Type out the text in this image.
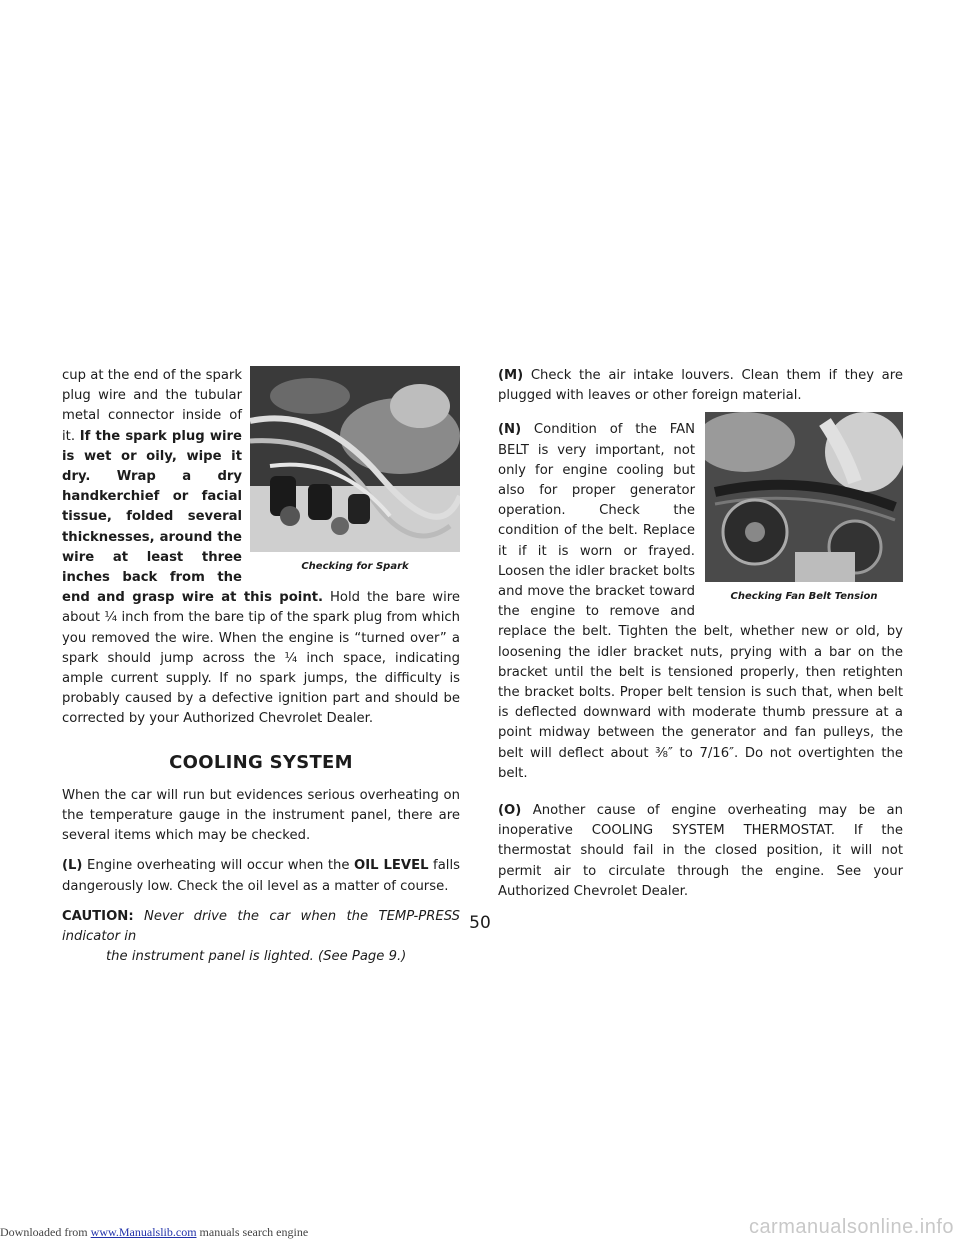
Checking for Spark

cup at the end of the spark plug wire and the tubular metal connector inside of it. If the spark plug wire is wet or oily, wipe it dry. Wrap a dry handkerchief or facial tissue, folded several thicknesses, around the wire at least three inches back from the end and grasp wire at this point. Hold the bare wire about ¼ inch from the bare tip of the spark plug from which you removed the wire. When the engine is “turned over” a spark should jump across the ¼ inch space, indicating ample current supply. If no spark jumps, the difficulty is probably caused by a defective ignition part and should be corrected by your Authorized Chevrolet Dealer.

COOLING SYSTEM

When the car will run but evidences serious overheating on the temperature gauge in the instrument panel, there are several items which may be checked.

(L) Engine overheating will occur when the OIL LEVEL falls dangerously low. Check the oil level as a matter of course.

CAUTION: Never drive the car when the TEMP-PRESS indicator in

the instrument panel is lighted. (See Page 9.)

(M) Check the air intake louvers. Clean them if they are plugged with leaves or other foreign material.

Checking Fan Belt Tension

(N) Condition of the FAN BELT is very important, not only for engine cooling but also for proper generator operation. Check the condition of the belt. Replace it if it is worn or frayed. Loosen the idler bracket bolts and move the bracket toward the engine to remove and replace the belt. Tighten the belt, whether new or old, by loosening the idler bracket nuts, prying with a bar on the bracket until the belt is tensioned properly, then retighten the bracket bolts. Proper belt tension is such that, when belt is deflected downward with moderate thumb pressure at a point midway between the generator and fan pulleys, the belt will deflect about ⅜″ to 7/16″. Do not overtighten the belt.

(O) Another cause of engine overheating may be an inoperative COOLING SYSTEM THERMOSTAT. If the thermostat should fail in the closed position, it will not permit air to circulate through the engine. See your Authorized Chevrolet Dealer.

50
Downloaded from www.Manualslib.com manuals search engine	carmanualsonline.info
